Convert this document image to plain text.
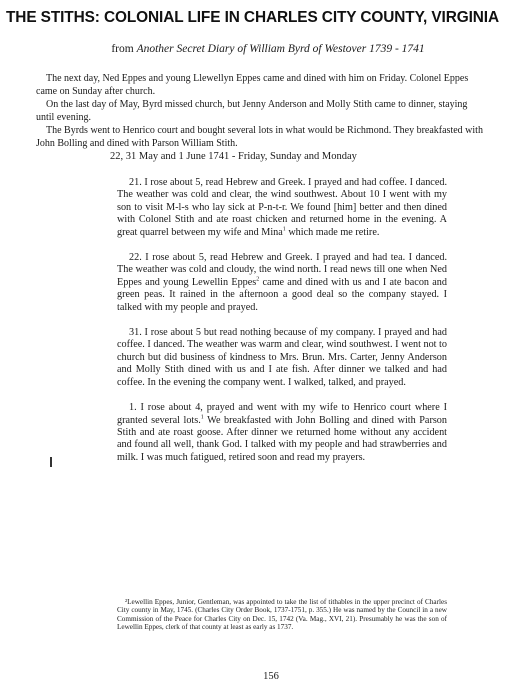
THE STITHS: COLONIAL LIFE IN CHARLES CITY COUNTY, VIRGINIA
from Another Secret Diary of William Byrd of Westover 1739 - 1741

The next day, Ned Eppes and young Llewellyn Eppes came and dined with him on Friday. Colonel Eppes came on Sunday after church.

On the last day of May, Byrd missed church, but Jenny Anderson and Molly Stith came to dinner, staying until evening.

The Byrds went to Henrico court and bought several lots in what would be Richmond. They breakfasted with John Bolling and dined with Parson William Stith.

22, 31 May and 1 June 1741 - Friday, Sunday and Monday

21. I rose about 5, read Hebrew and Greek. I prayed and had coffee. I danced. The weather was cold and clear, the wind southwest. About 10 I went with my son to visit M-l-s who lay sick at P-n-t-r. We found [him] better and then dined with Colonel Stith and ate roast chicken and returned home in the evening. A great quarrel between my wife and Mina$^1$ which made me retire.

22. I rose about 5, read Hebrew and Greek. I prayed and had tea. I danced. The weather was cold and cloudy, the wind north. I read news till one when Ned Eppes and young Lewellin Eppes$^2$ came and dined with us and I ate bacon and green peas. It rained in the afternoon a good deal so the company stayed. I talked with my people and prayed.

31. I rose about 5 but read nothing because of my company. I prayed and had coffee. I danced. The weather was warm and clear, wind southwest. I went not to church but did business of kindness to Mrs. Brun. Mrs. Carter, Jenny Anderson and Molly Stith dined with us and I ate fish. After dinner we talked and had coffee. In the evening the company went. I walked, talked, and prayed.

1. I rose about 4, prayed and went with my wife to Henrico court where I granted several lots.$^1$ We breakfasted with John Bolling and dined with Parson Stith and ate roast goose. After dinner we returned home without any accident and found all well, thank God. I talked with my people and had strawberries and milk. I was much fatigued, retired soon and read my prayers.

²Lewellin Eppes, Junior, Gentleman, was appointed to take the list of tithables in the upper precinct of Charles City county in May, 1745. (Charles City Order Book, 1737-1751, p. 355.) He was named by the Council in a new Commission of the Peace for Charles City on Dec. 15, 1742 (Va. Mag., XVI, 21). Presumably he was the son of Lewellin Eppes, clerk of that county at least as early as 1737.

156
